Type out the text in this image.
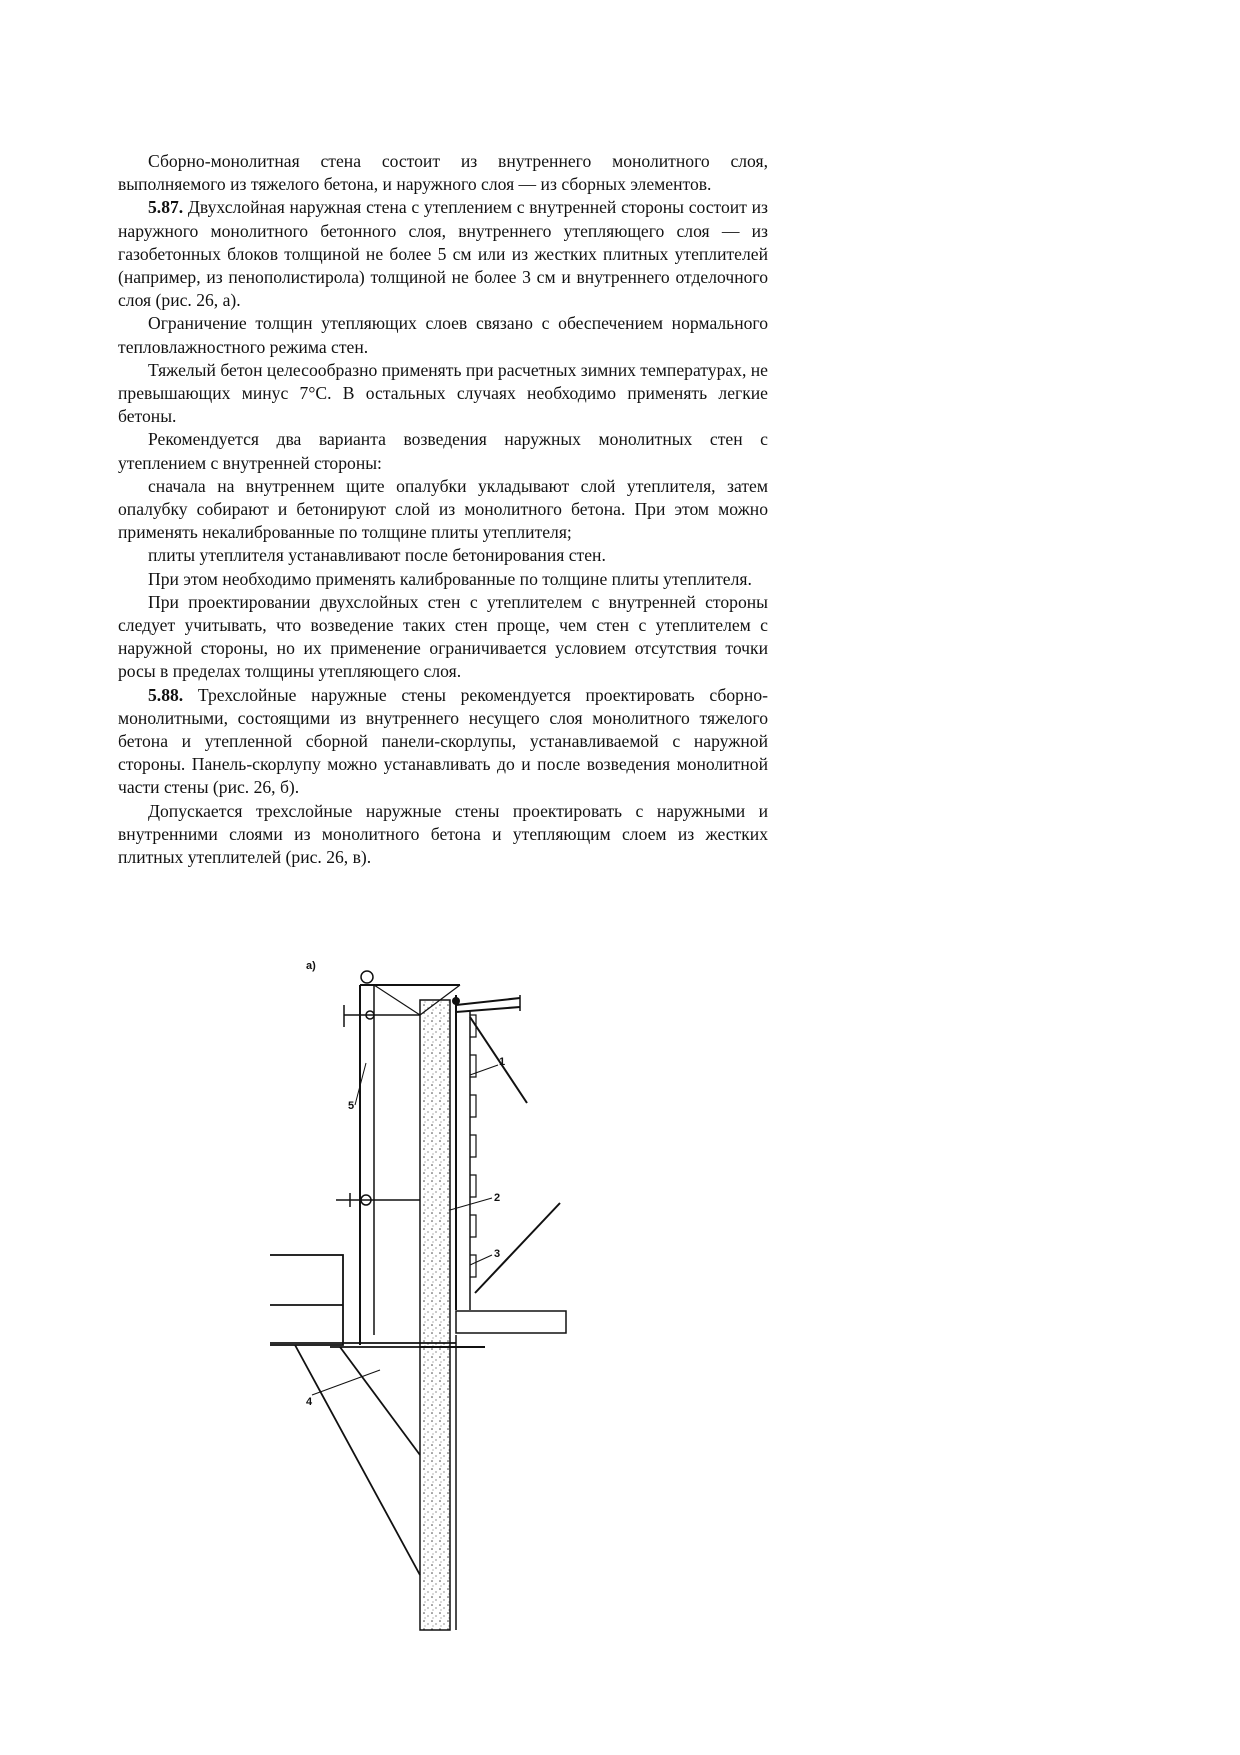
Сборно-монолитная стена состоит из внутреннего монолитного слоя, выполняемого из тяжелого бетона, и наружного слоя — из сборных элементов.

5.87. Двухслойная наружная стена с утеплением с внутренней стороны состоит из наружного монолитного бетонного слоя, внутреннего утепляющего слоя — из газобетонных блоков толщиной не более 5 см или из жестких плитных утеплителей (например, из пенополистирола) толщиной не более 3 см и внутреннего отделочного слоя (рис. 26, а).

Ограничение толщин утепляющих слоев связано с обеспечением нормального тепловлажностного режима стен.

Тяжелый бетон целесообразно применять при расчетных зимних температурах, не превышающих минус 7°С. В остальных случаях необходимо применять легкие бетоны.

Рекомендуется два варианта возведения наружных монолитных стен с утеплением с внутренней стороны:

сначала на внутреннем щите опалубки укладывают слой утеплителя, затем опалубку собирают и бетонируют слой из монолитного бетона. При этом можно применять некалиброванные по толщине плиты утеплителя;

плиты утеплителя устанавливают после бетонирования стен.

При этом необходимо применять калиброванные по толщине плиты утеплителя.

При проектировании двухслойных стен с утеплителем с внутренней стороны следует учитывать, что возведение таких стен проще, чем стен с утеплителем с наружной стороны, но их применение ограничивается условием отсутствия точки росы в пределах толщины утепляющего слоя.

5.88. Трехслойные наружные стены рекомендуется проектировать сборно-монолитными, состоящими из внутреннего несущего слоя монолитного тяжелого бетона и утепленной сборной панели-скорлупы, устанавливаемой с наружной стороны. Панель-скорлупу можно устанавливать до и после возведения монолитной части стены (рис. 26, б).

Допускается трехслойные наружные стены проектировать с наружными и внутренними слоями из монолитного бетона и утепляющим слоем из жестких плитных утеплителей (рис. 26, в).

а)
1
2
3
4
5
